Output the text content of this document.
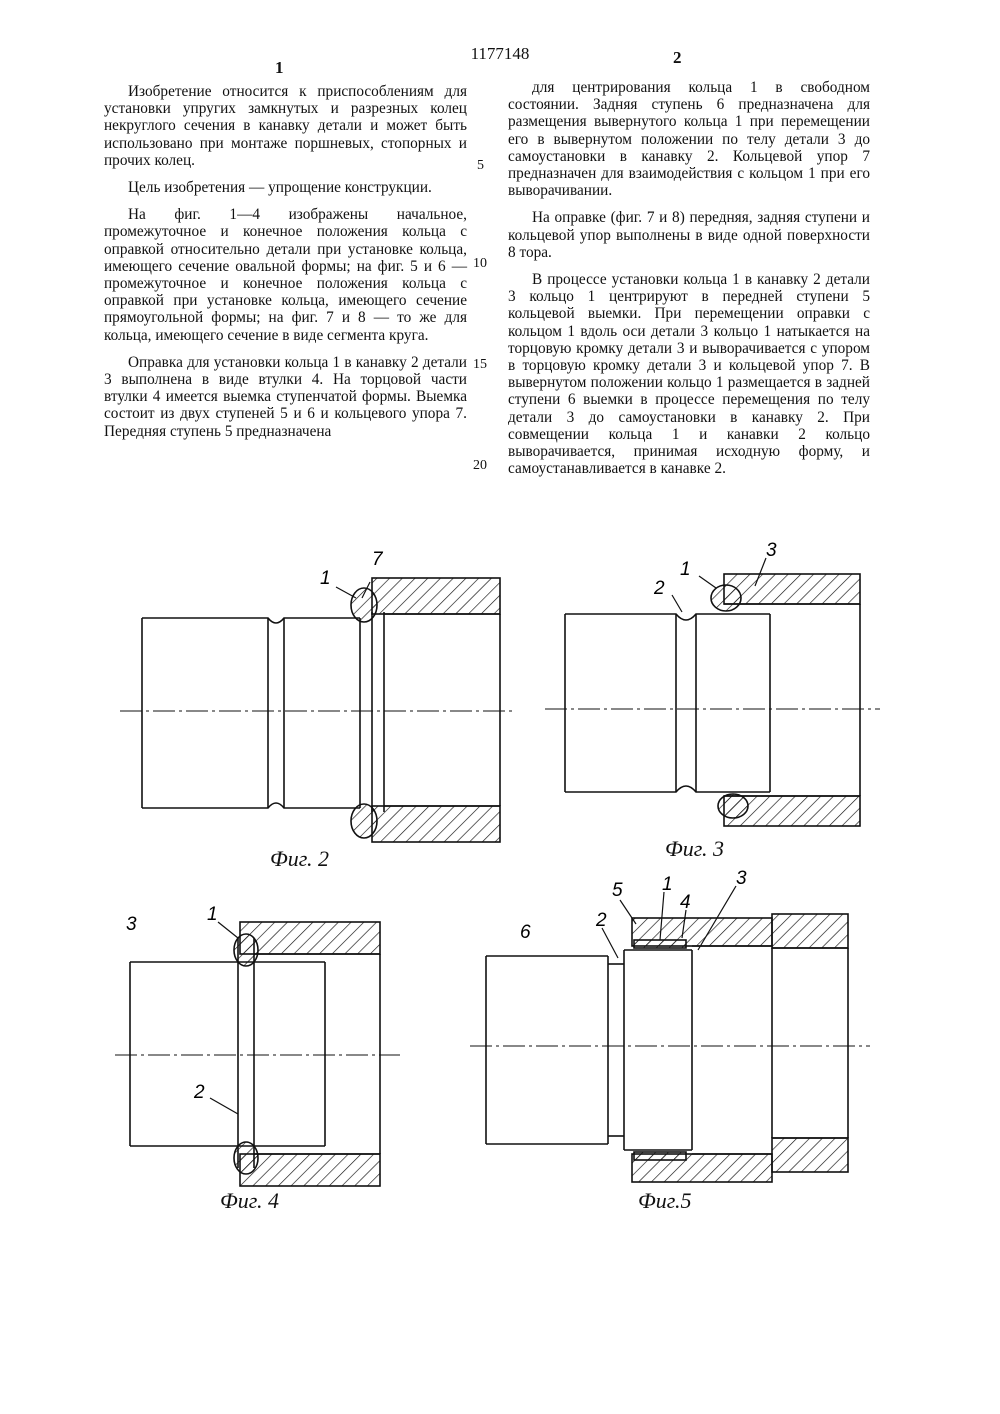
1177148
1
2

Изобретение относится к приспособлениям для установки упругих замкнутых и разрезных колец некруглого сечения в канавку детали и может быть использовано при монтаже поршневых, стопорных и прочих колец.

Цель изобретения — упрощение конструкции.

На фиг. 1—4 изображены начальное, промежуточное и конечное положения кольца с оправкой относительно детали при установке кольца, имеющего сечение овальной формы; на фиг. 5 и 6 — промежуточное и конечное положения кольца с оправкой при установке кольца, имеющего сечение прямоугольной формы; на фиг. 7 и 8 — то же для кольца, имеющего сечение в виде сегмента круга.

Оправка для установки кольца 1 в канавку 2 детали 3 выполнена в виде втулки 4. На торцовой части втулки 4 имеется выемка ступенчатой формы. Выемка состоит из двух ступеней 5 и 6 и кольцевого упора 7. Передняя ступень 5 предназначена

для центрирования кольца 1 в свободном состоянии. Задняя ступень 6 предназначена для размещения вывернутого кольца 1 при перемещении его в вывернутом положении по телу детали 3 до самоустановки в канавку 2. Кольцевой упор 7 предназначен для взаимодействия с кольцом 1 при его выворачивании.

На оправке (фиг. 7 и 8) передняя, задняя ступени и кольцевой упор выполнены в виде одной поверхности 8 тора.

В процессе установки кольца 1 в канавку 2 детали 3 кольцо 1 центрируют в передней ступени 5 кольцевой выемки. При перемещении оправки с кольцом 1 вдоль оси детали 3 кольцо 1 натыкается на торцовую кромку детали 3 и выворачивается с упором в торцовую кромку детали 3 и кольцевой упор 7. В вывернутом положении кольцо 1 размещается в задней ступени 6 выемки в процессе перемещения по телу детали 3 до самоустановки в канавку 2. При совмещении кольца 1 и канавки 2 кольцо выворачивается, принимая исходную форму, и самоустанавливается в канавке 2.

5
10
15
20
1
7	1
2
3
3	1
2
5 1
4
3
6
2
Фиг. 2	Фиг. 3
Фиг. 4	Фиг.5
